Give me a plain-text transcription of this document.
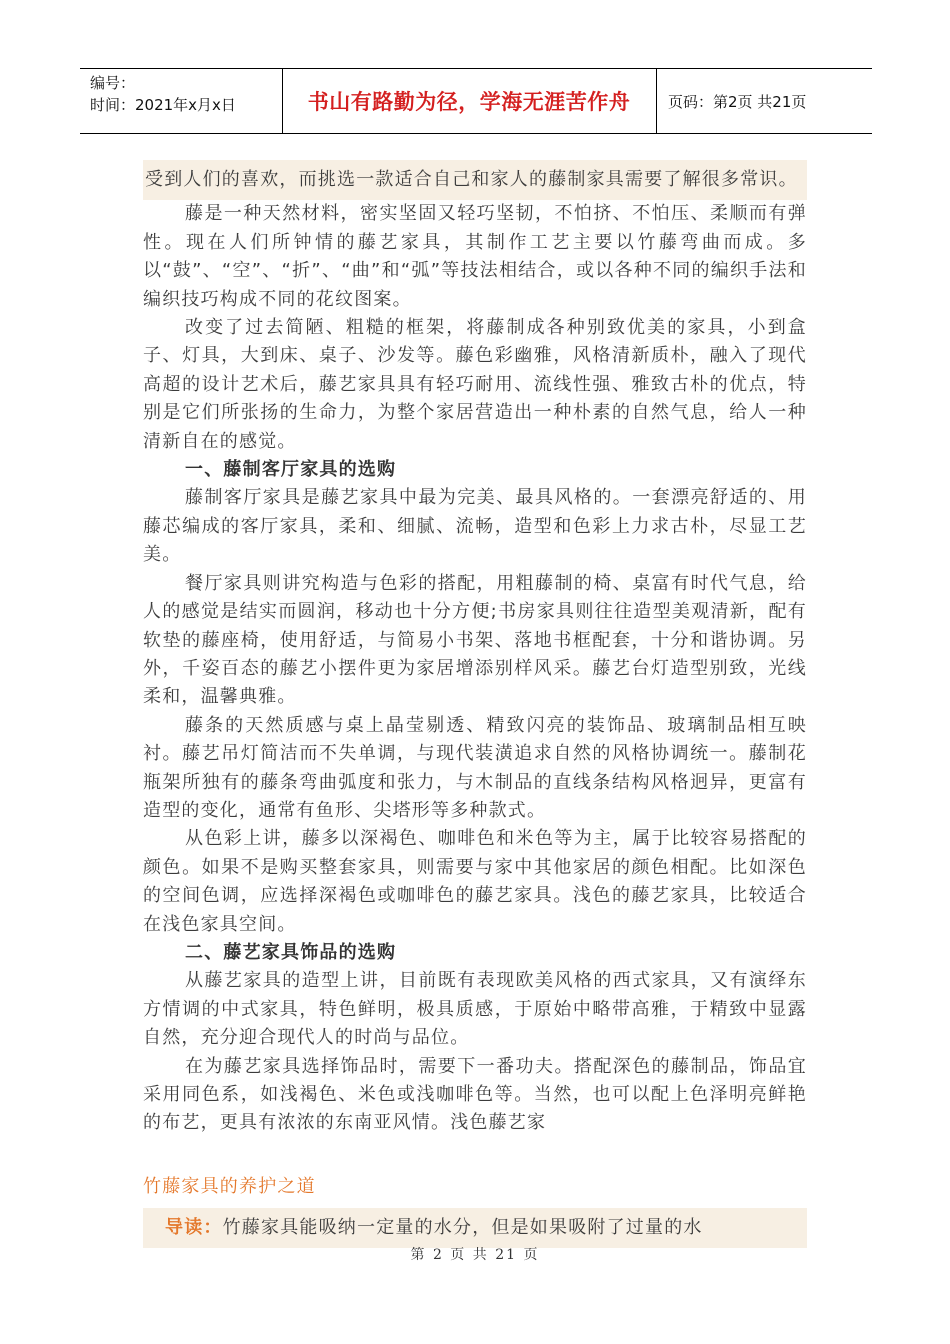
编号：
时间：2021年x月x日	书山有路勤为径，学海无涯苦作舟	页码：第2页 共21页

受到人们的喜欢，而挑选一款适合自己和家人的藤制家具需要了解很多常识。

藤是一种天然材料，密实坚固又轻巧坚韧，不怕挤、不怕压、柔顺而有弹性。现在人们所钟情的藤艺家具，其制作工艺主要以竹藤弯曲而成。多以“鼓”、“空”、“折”、“曲”和“弧”等技法相结合，或以各种不同的编织手法和编织技巧构成不同的花纹图案。

改变了过去简陋、粗糙的框架，将藤制成各种别致优美的家具，小到盒子、灯具，大到床、桌子、沙发等。藤色彩幽雅，风格清新质朴，融入了现代高超的设计艺术后，藤艺家具具有轻巧耐用、流线性强、雅致古朴的优点，特别是它们所张扬的生命力，为整个家居营造出一种朴素的自然气息，给人一种清新自在的感觉。

一、藤制客厅家具的选购

藤制客厅家具是藤艺家具中最为完美、最具风格的。一套漂亮舒适的、用藤芯编成的客厅家具，柔和、细腻、流畅，造型和色彩上力求古朴，尽显工艺美。

餐厅家具则讲究构造与色彩的搭配，用粗藤制的椅、桌富有时代气息，给人的感觉是结实而圆润，移动也十分方便;书房家具则往往造型美观清新，配有软垫的藤座椅，使用舒适，与简易小书架、落地书框配套，十分和谐协调。另外，千姿百态的藤艺小摆件更为家居增添别样风采。藤艺台灯造型别致，光线柔和，温馨典雅。

藤条的天然质感与桌上晶莹剔透、精致闪亮的装饰品、玻璃制品相互映衬。藤艺吊灯简洁而不失单调，与现代装潢追求自然的风格协调统一。藤制花瓶架所独有的藤条弯曲弧度和张力，与木制品的直线条结构风格迥异，更富有造型的变化，通常有鱼形、尖塔形等多种款式。

从色彩上讲，藤多以深褐色、咖啡色和米色等为主，属于比较容易搭配的颜色。如果不是购买整套家具，则需要与家中其他家居的颜色相配。比如深色的空间色调，应选择深褐色或咖啡色的藤艺家具。浅色的藤艺家具，比较适合在浅色家具空间。

二、藤艺家具饰品的选购

从藤艺家具的造型上讲，目前既有表现欧美风格的西式家具，又有演绎东方情调的中式家具，特色鲜明，极具质感，于原始中略带高雅，于精致中显露自然，充分迎合现代人的时尚与品位。

在为藤艺家具选择饰品时，需要下一番功夫。搭配深色的藤制品，饰品宜采用同色系，如浅褐色、米色或浅咖啡色等。当然，也可以配上色泽明亮鲜艳的布艺，更具有浓浓的东南亚风情。浅色藤艺家

竹藤家具的养护之道
导读：竹藤家具能吸纳一定量的水分，但是如果吸附了过量的水
第 2 页 共 21 页
